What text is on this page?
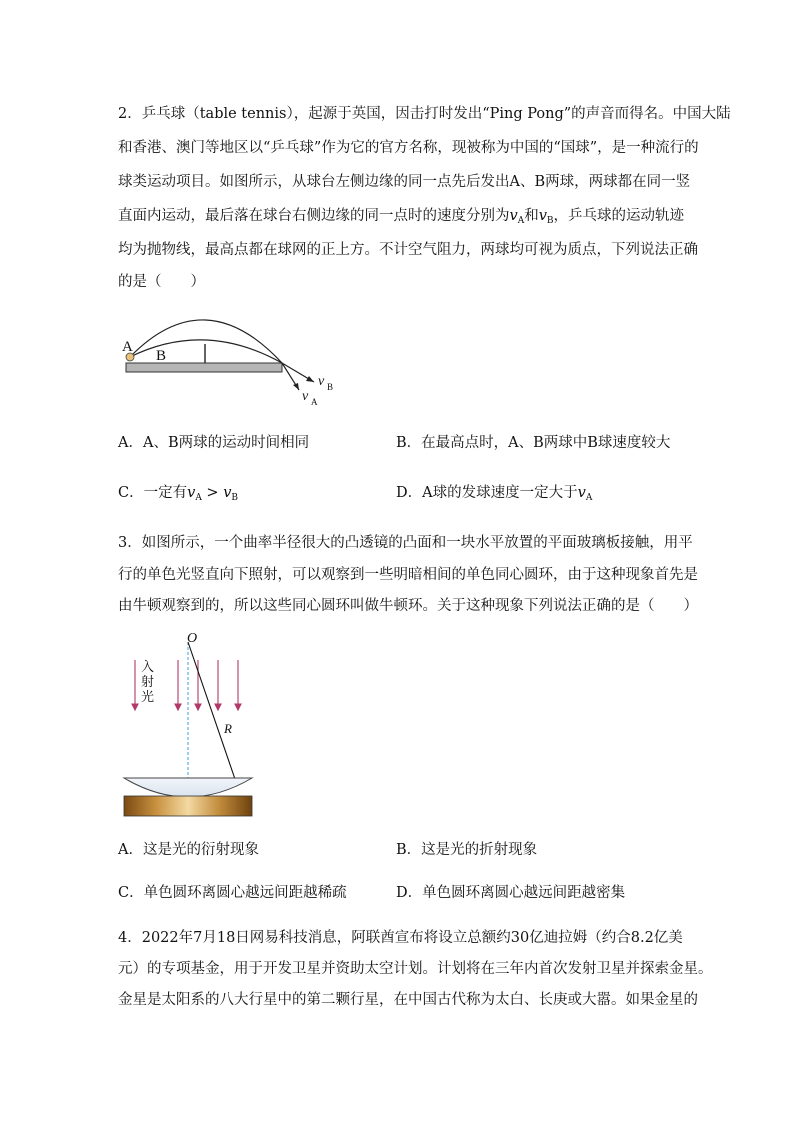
2．乒乓球（table tennis），起源于英国，因击打时发出“Ping Pong”的声音而得名。中国大陆
和香港、澳门等地区以“乒乓球”作为它的官方名称，现被称为中国的“国球”，是一种流行的
球类运动项目。如图所示，从球台左侧边缘的同一点先后发出A、B两球，两球都在同一竖
直面内运动，最后落在球台右侧边缘的同一点时的速度分别为$v_A$和$v_B$，乒乓球的运动轨迹
均为抛物线，最高点都在球网的正上方。不计空气阻力，两球均可视为质点，下列说法正确
的是（　　）
A
B
v B
v A
A．A、B两球的运动时间相同	B．在最高点时，A、B两球中B球速度较大
C．一定有$v_A > v_B$	D．A球的发球速度一定大于$v_A$
3．如图所示，一个曲率半径很大的凸透镜的凸面和一块水平放置的平面玻璃板接触，用平
行的单色光竖直向下照射，可以观察到一些明暗相间的单色同心圆环，由于这种现象首先是
由牛顿观察到的，所以这些同心圆环叫做牛顿环。关于这种现象下列说法正确的是（　　）
入
射
光
O
R
A．这是光的衍射现象	B．这是光的折射现象
C．单色圆环离圆心越远间距越稀疏	D．单色圆环离圆心越远间距越密集
4．2022年7月18日网易科技消息，阿联酋宣布将设立总额约30亿迪拉姆（约合8.2亿美
元）的专项基金，用于开发卫星并资助太空计划。计划将在三年内首次发射卫星并探索金星。
金星是太阳系的八大行星中的第二颗行星，在中国古代称为太白、长庚或大嚣。如果金星的
